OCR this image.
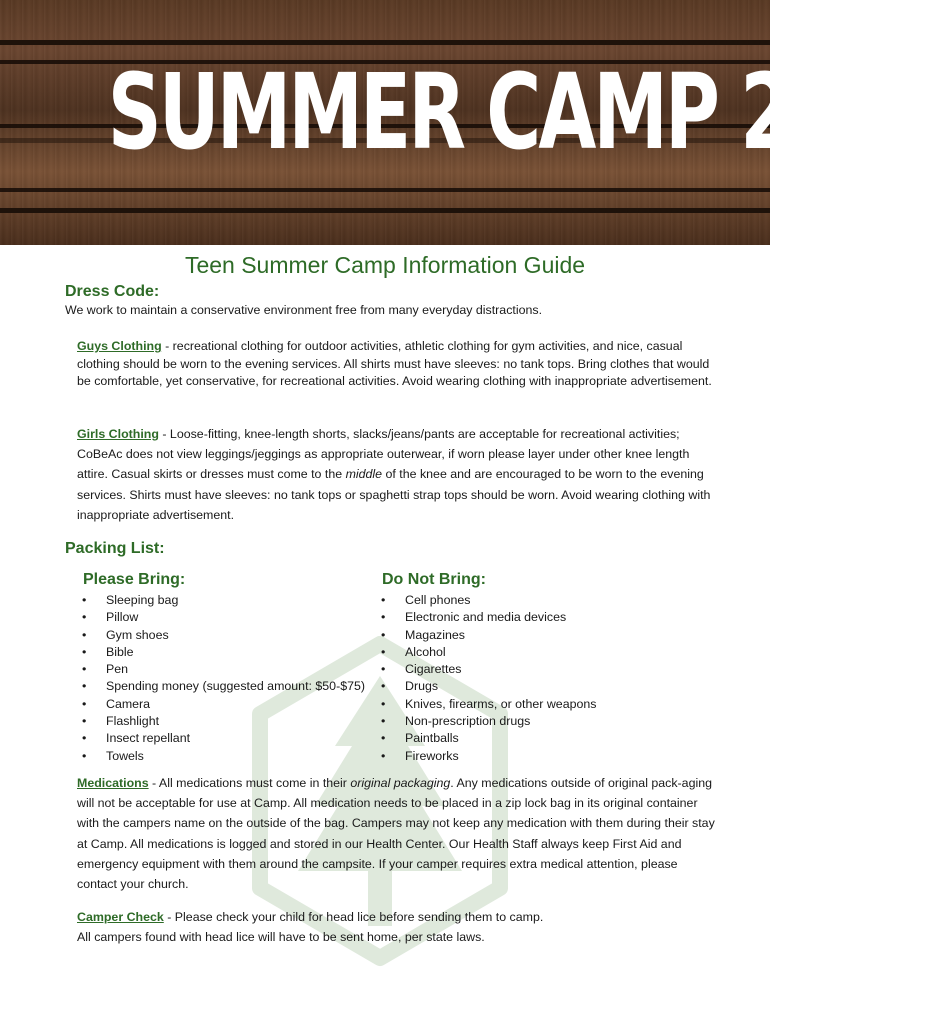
SUMMER CAMP 2019
Teen Summer Camp Information Guide
Dress Code:
We work to maintain a conservative environment free from many everyday distractions.
Guys Clothing - recreational clothing for outdoor activities, athletic clothing for gym activities, and nice, casual clothing should be worn to the evening services. All shirts must have sleeves: no tank tops. Bring clothes that would be comfortable, yet conservative, for recreational activities. Avoid wearing clothing with inappropriate advertisement.
Girls Clothing - Loose-fitting, knee-length shorts, slacks/jeans/pants are acceptable for recreational activities; CoBeAc does not view leggings/jeggings as appropriate outerwear, if worn please layer under other knee length attire. Casual skirts or dresses must come to the middle of the knee and are encouraged to be worn to the evening services. Shirts must have sleeves: no tank tops or spaghetti strap tops should be worn. Avoid wearing clothing with inappropriate advertisement.
Packing List:
Please Bring:
• Sleeping bag
• Pillow
• Gym shoes
• Bible
• Pen
• Spending money (suggested amount: $50-$75)
• Camera
• Flashlight
• Insect repellant
• Towels
Do Not Bring:
• Cell phones
• Electronic and media devices
• Magazines
• Alcohol
• Cigarettes
• Drugs
• Knives, firearms, or other weapons
• Non-prescription drugs
• Paintballs
• Fireworks
Medications - All medications must come in their original packaging. Any medications outside of original pack-aging will not be acceptable for use at Camp. All medication needs to be placed in a zip lock bag in its original container with the campers name on the outside of the bag. Campers may not keep any medication with them during their stay at Camp. All medications is logged and stored in our Health Center. Our Health Staff always keep First Aid and emergency equipment with them around the campsite. If your camper requires extra medical attention, please contact your church.
Camper Check - Please check your child for head lice before sending them to camp.
All campers found with head lice will have to be sent home, per state laws.
